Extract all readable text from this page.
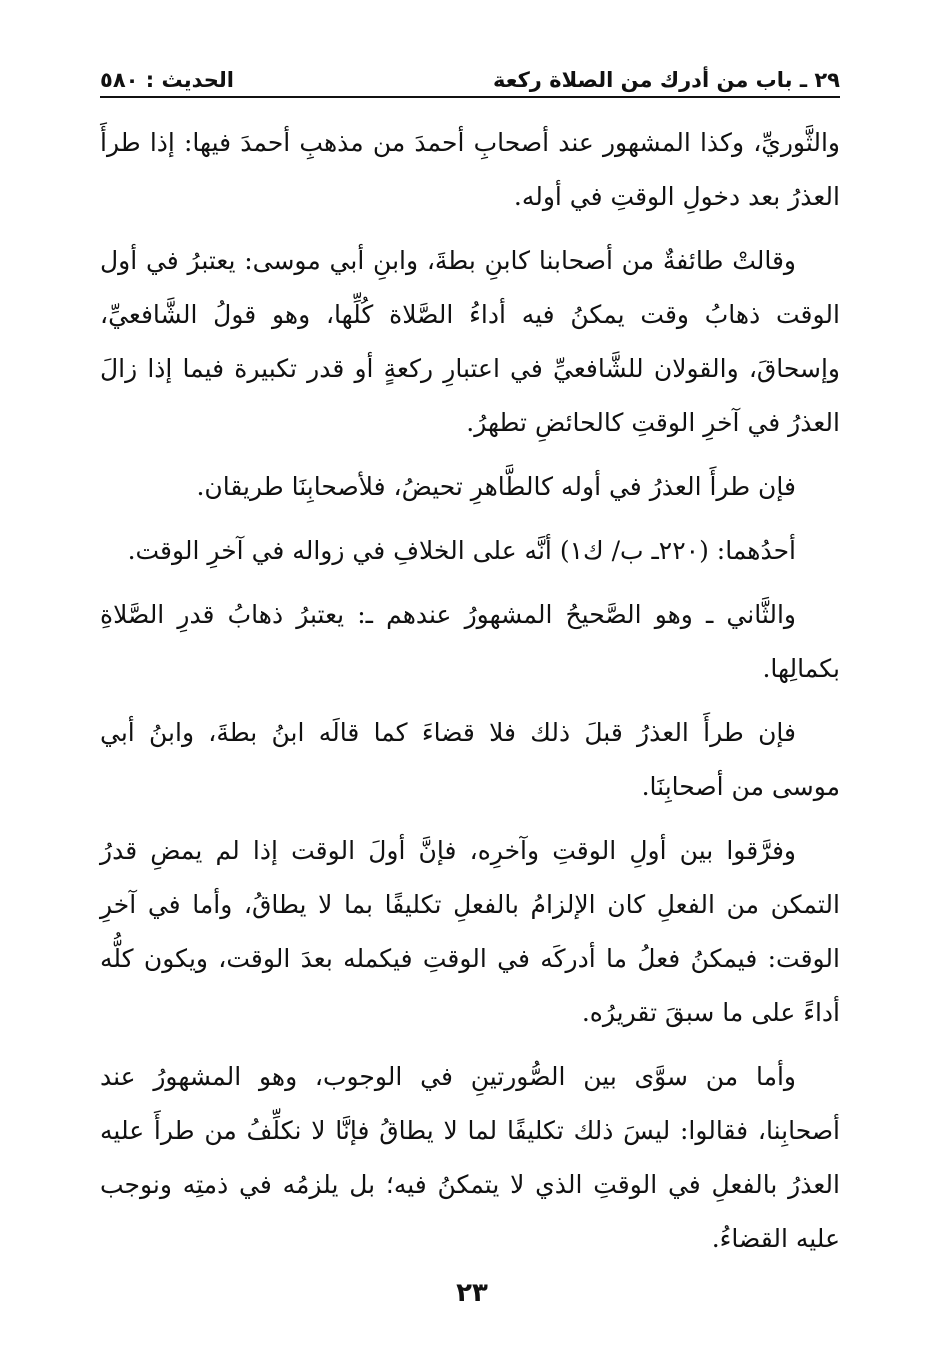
٢٩ ـ باب من أدرك من الصلاة ركعة
الحديث : ٥٨٠

والثَّوريِّ، وكذا المشهور عند أصحابِ أحمدَ من مذهبِ أحمدَ فيها: إذا طرأَ العذرُ بعد دخولِ الوقتِ في أوله.

وقالتْ طائفةٌ من أصحابنا كابنِ بطةَ، وابنِ أبي موسى: يعتبرُ في أول الوقت ذهابُ وقت يمكنُ فيه أداءُ الصَّلاة كُلِّها، وهو قولُ الشَّافعيِّ، وإسحاقَ، والقولان للشَّافعيِّ في اعتبارِ ركعةٍ أو قدر تكبيرة فيما إذا زالَ العذرُ في آخرِ الوقتِ كالحائضِ تطهرُ.

فإن طرأَ العذرُ في أوله كالطَّاهرِ تحيضُ، فلأصحابِنَا طريقان.

أحدُهما: (٢٢٠ـ ب/ ك١) أنَّه على الخلافِ في زواله في آخرِ الوقت.

والثَّاني ـ وهو الصَّحيحُ المشهورُ عندهم ـ: يعتبرُ ذهابُ قدرِ الصَّلاةِ بكمالِها.

فإن طرأَ العذرُ قبلَ ذلك فلا قضاءَ كما قالَه ابنُ بطةَ، وابنُ أبي موسى من أصحابِنَا.

وفرَّقوا بين أولِ الوقتِ وآخرِه، فإنَّ أولَ الوقت إذا لم يمضِ قدرُ التمكن من الفعلِ كان الإلزامُ بالفعلِ تكليفًا بما لا يطاقُ، وأما في آخرِ الوقت: فيمكنُ فعلُ ما أدركَه في الوقتِ فيكمله بعدَ الوقت، ويكون كلُّه أداءً على ما سبقَ تقريرُه.

وأما من سوَّى بين الصُّورتينِ في الوجوب، وهو المشهورُ عند أصحابِنا، فقالوا: ليسَ ذلك تكليفًا لما لا يطاقُ فإنَّا لا نكلِّفُ من طرأَ عليه العذرُ بالفعلِ في الوقتِ الذي لا يتمكنُ فيه؛ بل يلزمُه في ذمتِه ونوجب عليه القضاءُ.

٢٣
